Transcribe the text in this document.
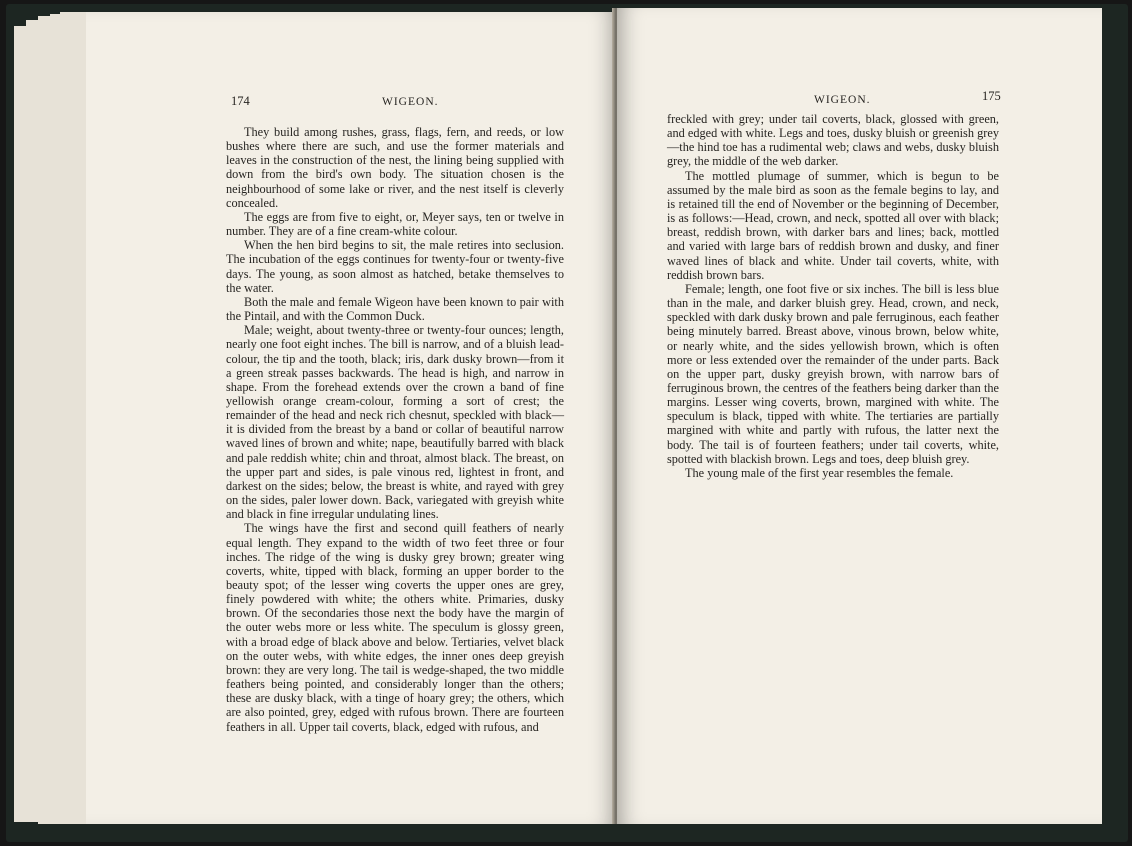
174	WIGEON.

They build among rushes, grass, flags, fern, and reeds, or low bushes where there are such, and use the former materials and leaves in the construction of the nest, the lining being supplied with down from the bird's own body. The situation chosen is the neighbourhood of some lake or river, and the nest itself is cleverly concealed.

The eggs are from five to eight, or, Meyer says, ten or twelve in number. They are of a fine cream-white colour.

When the hen bird begins to sit, the male retires into seclusion. The incubation of the eggs continues for twenty-four or twenty-five days. The young, as soon almost as hatched, betake themselves to the water.

Both the male and female Wigeon have been known to pair with the Pintail, and with the Common Duck.

Male; weight, about twenty-three or twenty-four ounces; length, nearly one foot eight inches. The bill is narrow, and of a bluish lead-colour, the tip and the tooth, black; iris, dark dusky brown—from it a green streak passes backwards. The head is high, and narrow in shape. From the forehead extends over the crown a band of fine yellowish orange cream-colour, forming a sort of crest; the remainder of the head and neck rich chesnut, speckled with black—it is divided from the breast by a band or collar of beautiful narrow waved lines of brown and white; nape, beautifully barred with black and pale reddish white; chin and throat, almost black. The breast, on the upper part and sides, is pale vinous red, lightest in front, and darkest on the sides; below, the breast is white, and rayed with grey on the sides, paler lower down. Back, variegated with greyish white and black in fine irregular undulating lines.

The wings have the first and second quill feathers of nearly equal length. They expand to the width of two feet three or four inches. The ridge of the wing is dusky grey brown; greater wing coverts, white, tipped with black, forming an upper border to the beauty spot; of the lesser wing coverts the upper ones are grey, finely powdered with white; the others white. Primaries, dusky brown. Of the secondaries those next the body have the margin of the outer webs more or less white. The speculum is glossy green, with a broad edge of black above and below. Tertiaries, velvet black on the outer webs, with white edges, the inner ones deep greyish brown: they are very long. The tail is wedge-shaped, the two middle feathers being pointed, and considerably longer than the others; these are dusky black, with a tinge of hoary grey; the others, which are also pointed, grey, edged with rufous brown. There are fourteen feathers in all. Upper tail coverts, black, edged with rufous, and

WIGEON.	175

freckled with grey; under tail coverts, black, glossed with green, and edged with white. Legs and toes, dusky bluish or greenish grey—the hind toe has a rudimental web; claws and webs, dusky bluish grey, the middle of the web darker.

The mottled plumage of summer, which is begun to be assumed by the male bird as soon as the female begins to lay, and is retained till the end of November or the beginning of December, is as follows:—Head, crown, and neck, spotted all over with black; breast, reddish brown, with darker bars and lines; back, mottled and varied with large bars of reddish brown and dusky, and finer waved lines of black and white. Under tail coverts, white, with reddish brown bars.

Female; length, one foot five or six inches. The bill is less blue than in the male, and darker bluish grey. Head, crown, and neck, speckled with dark dusky brown and pale ferruginous, each feather being minutely barred. Breast above, vinous brown, below white, or nearly white, and the sides yellowish brown, which is often more or less extended over the remainder of the under parts. Back on the upper part, dusky greyish brown, with narrow bars of ferruginous brown, the centres of the feathers being darker than the margins. Lesser wing coverts, brown, margined with white. The speculum is black, tipped with white. The tertiaries are partially margined with white and partly with rufous, the latter next the body. The tail is of fourteen feathers; under tail coverts, white, spotted with blackish brown. Legs and toes, deep bluish grey.

The young male of the first year resembles the female.
